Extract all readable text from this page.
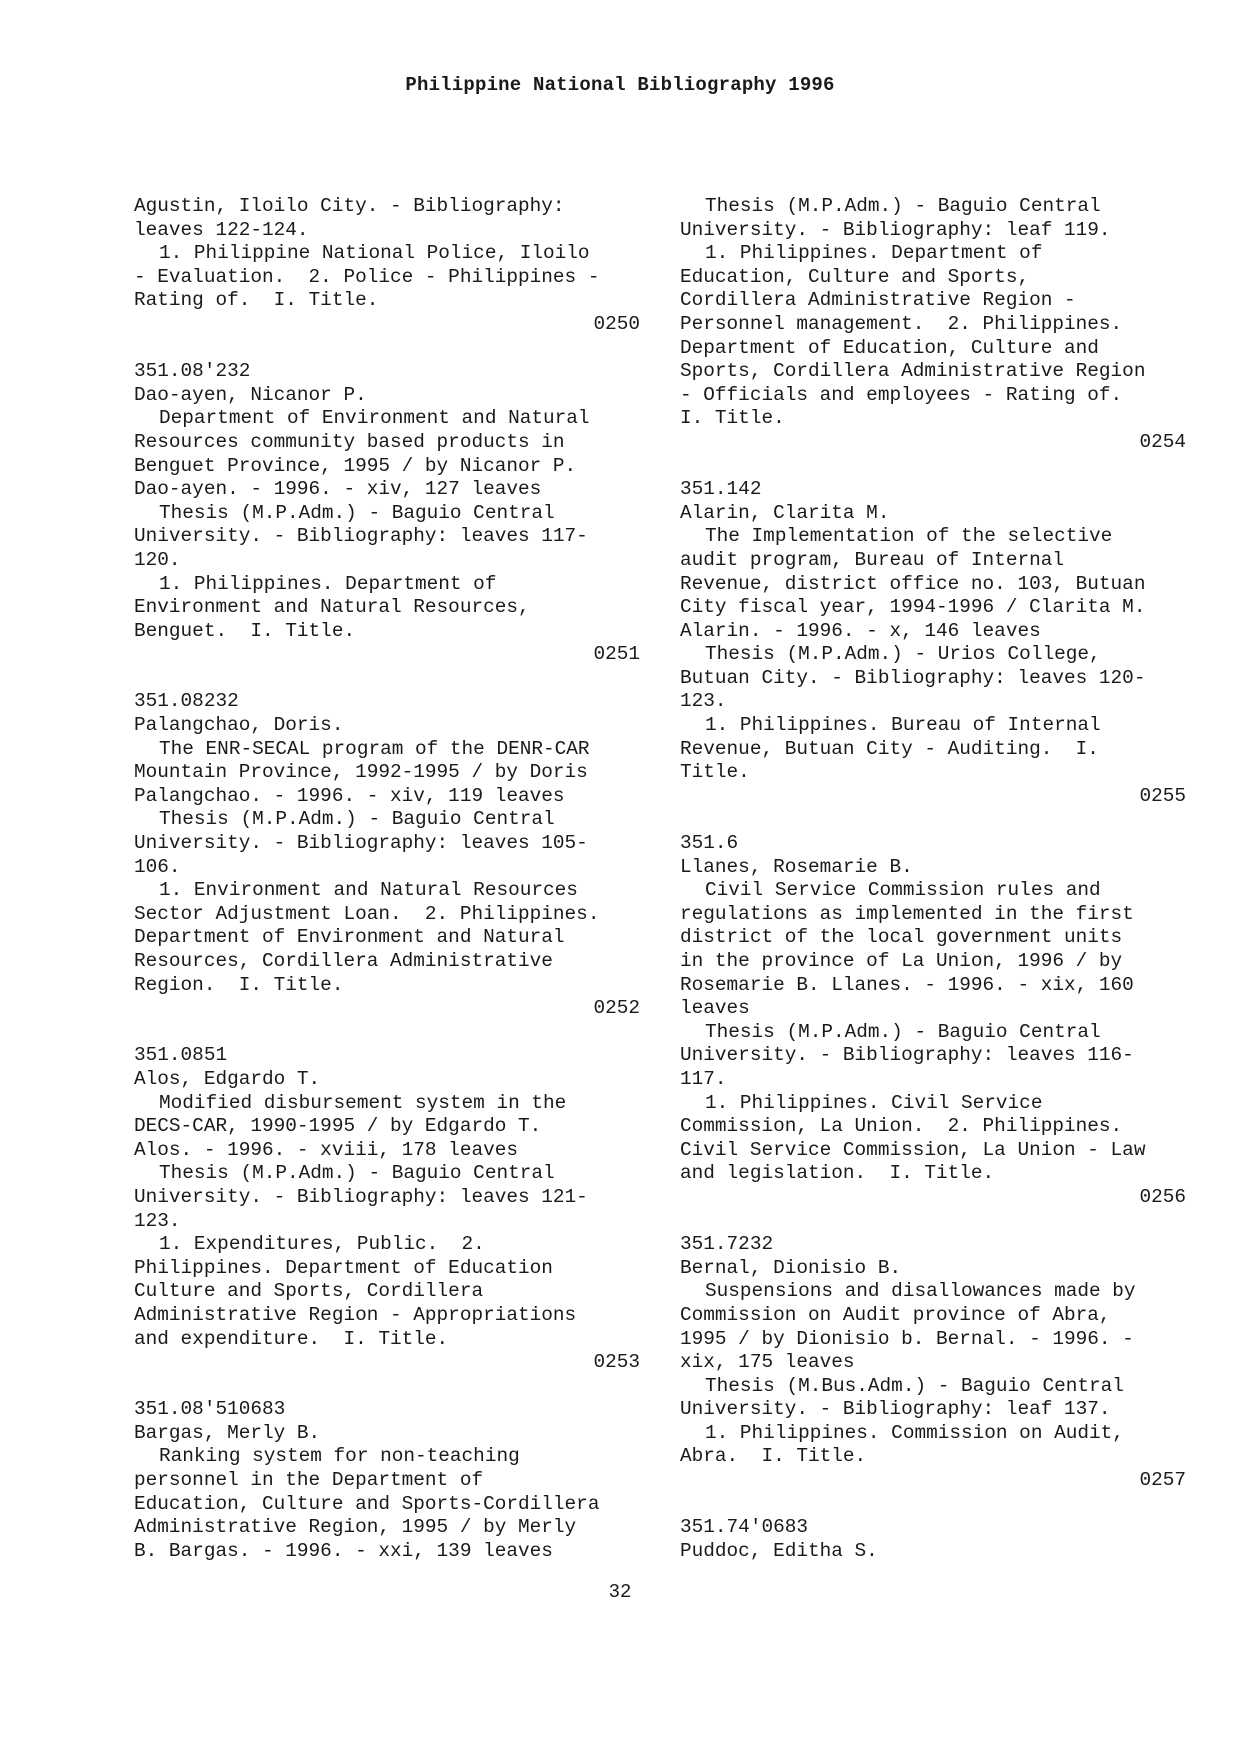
Philippine National Bibliography 1996
Agustin, Iloilo City. - Bibliography:
leaves 122-124.
1. Philippine National Police, Iloilo
- Evaluation.  2. Police - Philippines -
Rating of.  I. Title.
0250
351.08'232
Dao-ayen, Nicanor P.
Department of Environment and Natural
Resources community based products in
Benguet Province, 1995 / by Nicanor P.
Dao-ayen. - 1996. - xiv, 127 leaves
Thesis (M.P.Adm.) - Baguio Central
University. - Bibliography: leaves 117-
120.
1. Philippines. Department of
Environment and Natural Resources,
Benguet.  I. Title.
0251
351.08232
Palangchao, Doris.
The ENR-SECAL program of the DENR-CAR
Mountain Province, 1992-1995 / by Doris
Palangchao. - 1996. - xiv, 119 leaves
Thesis (M.P.Adm.) - Baguio Central
University. - Bibliography: leaves 105-
106.
1. Environment and Natural Resources
Sector Adjustment Loan.  2. Philippines.
Department of Environment and Natural
Resources, Cordillera Administrative
Region.  I. Title.
0252
351.0851
Alos, Edgardo T.
Modified disbursement system in the
DECS-CAR, 1990-1995 / by Edgardo T.
Alos. - 1996. - xviii, 178 leaves
Thesis (M.P.Adm.) - Baguio Central
University. - Bibliography: leaves 121-
123.
1. Expenditures, Public.  2.
Philippines. Department of Education
Culture and Sports, Cordillera
Administrative Region - Appropriations
and expenditure.  I. Title.
0253
351.08'510683
Bargas, Merly B.
Ranking system for non-teaching
personnel in the Department of
Education, Culture and Sports-Cordillera
Administrative Region, 1995 / by Merly
B. Bargas. - 1996. - xxi, 139 leaves
Thesis (M.P.Adm.) - Baguio Central
University. - Bibliography: leaf 119.
1. Philippines. Department of
Education, Culture and Sports,
Cordillera Administrative Region -
Personnel management.  2. Philippines.
Department of Education, Culture and
Sports, Cordillera Administrative Region
- Officials and employees - Rating of.
I. Title.
0254
351.142
Alarin, Clarita M.
The Implementation of the selective
audit program, Bureau of Internal
Revenue, district office no. 103, Butuan
City fiscal year, 1994-1996 / Clarita M.
Alarin. - 1996. - x, 146 leaves
Thesis (M.P.Adm.) - Urios College,
Butuan City. - Bibliography: leaves 120-
123.
1. Philippines. Bureau of Internal
Revenue, Butuan City - Auditing.  I.
Title.
0255
351.6
Llanes, Rosemarie B.
Civil Service Commission rules and
regulations as implemented in the first
district of the local government units
in the province of La Union, 1996 / by
Rosemarie B. Llanes. - 1996. - xix, 160
leaves
Thesis (M.P.Adm.) - Baguio Central
University. - Bibliography: leaves 116-
117.
1. Philippines. Civil Service
Commission, La Union.  2. Philippines.
Civil Service Commission, La Union - Law
and legislation.  I. Title.
0256
351.7232
Bernal, Dionisio B.
Suspensions and disallowances made by
Commission on Audit province of Abra,
1995 / by Dionisio b. Bernal. - 1996. -
xix, 175 leaves
Thesis (M.Bus.Adm.) - Baguio Central
University. - Bibliography: leaf 137.
1. Philippines. Commission on Audit,
Abra.  I. Title.
0257
351.74'0683
Puddoc, Editha S.
32
